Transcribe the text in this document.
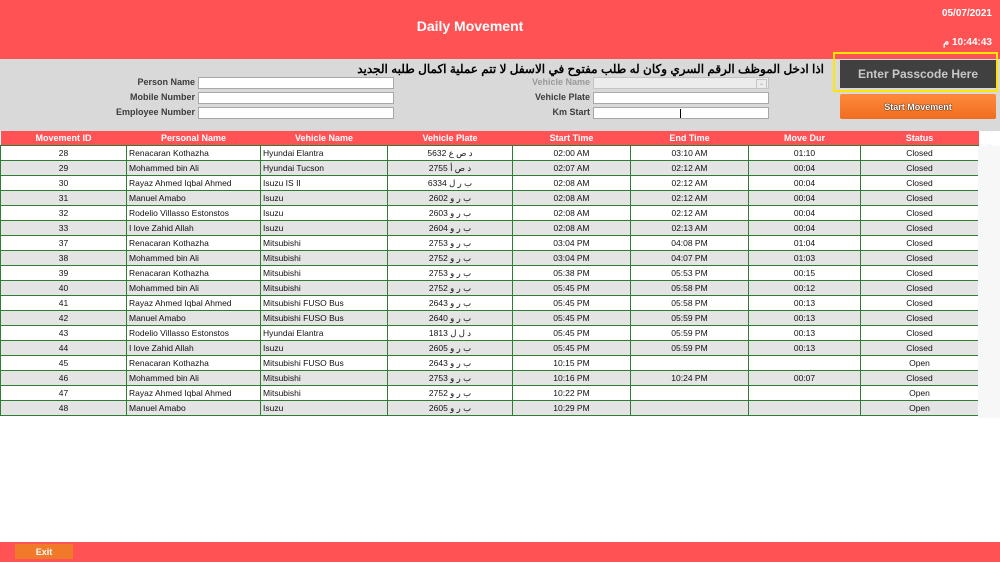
Daily Movement
05/07/2021
10:44:43 م
Person Name
Mobile Number
Employee Number
Vehicle Name	⌄
Vehicle Plate
Km Start
اذا ادخل الموظف الرقم السري وكان له طلب مفتوح في الاسفل لا تتم عملية اكمال طلبه الجديد	Enter Passcode Here
Start Movement
Movement ID	Personal Name	Vehicle Name	Vehicle Plate	Start Time	End Time	Move Dur	Status
28	Renacaran Kothazha	Hyundai Elantra	د ص ع 5632	02:00 AM	03:10 AM	01:10	Closed
29	Mohammed bin Ali	Hyundai Tucson	د ص أ 2755	02:07 AM	02:12 AM	00:04	Closed
30	Rayaz Ahmed Iqbal Ahmed	Isuzu IS II	ب ر ل 6334	02:08 AM	02:12 AM	00:04	Closed
31	Manuel Amabo	Isuzu	ب ر و 2602	02:08 AM	02:12 AM	00:04	Closed
32	Rodelio Villasso Estonstos	Isuzu	ب ر و 2603	02:08 AM	02:12 AM	00:04	Closed
33	I love Zahid Allah	Isuzu	ب ر و 2604	02:08 AM	02:13 AM	00:04	Closed
37	Renacaran Kothazha	Mitsubishi	ب ر و 2753	03:04 PM	04:08 PM	01:04	Closed
38	Mohammed bin Ali	Mitsubishi	ب ر و 2752	03:04 PM	04:07 PM	01:03	Closed
39	Renacaran Kothazha	Mitsubishi	ب ر و 2753	05:38 PM	05:53 PM	00:15	Closed
40	Mohammed bin Ali	Mitsubishi	ب ر و 2752	05:45 PM	05:58 PM	00:12	Closed
41	Rayaz Ahmed Iqbal Ahmed	Mitsubishi FUSO Bus	ب ر و 2643	05:45 PM	05:58 PM	00:13	Closed
42	Manuel Amabo	Mitsubishi FUSO Bus	ب ر و 2640	05:45 PM	05:59 PM	00:13	Closed
43	Rodelio Villasso Estonstos	Hyundai Elantra	د ل ل 1813	05:45 PM	05:59 PM	00:13	Closed
44	I love Zahid Allah	Isuzu	ب ر و 2605	05:45 PM	05:59 PM	00:13	Closed
45	Renacaran Kothazha	Mitsubishi FUSO Bus	ب ر و 2643	10:15 PM			Open
46	Mohammed bin Ali	Mitsubishi	ب ر و 2753	10:16 PM	10:24 PM	00:07	Closed
47	Rayaz Ahmed Iqbal Ahmed	Mitsubishi	ب ر و 2752	10:22 PM			Open
48	Manuel Amabo	Isuzu	ب ر و 2605	10:29 PM			Open
Exit
